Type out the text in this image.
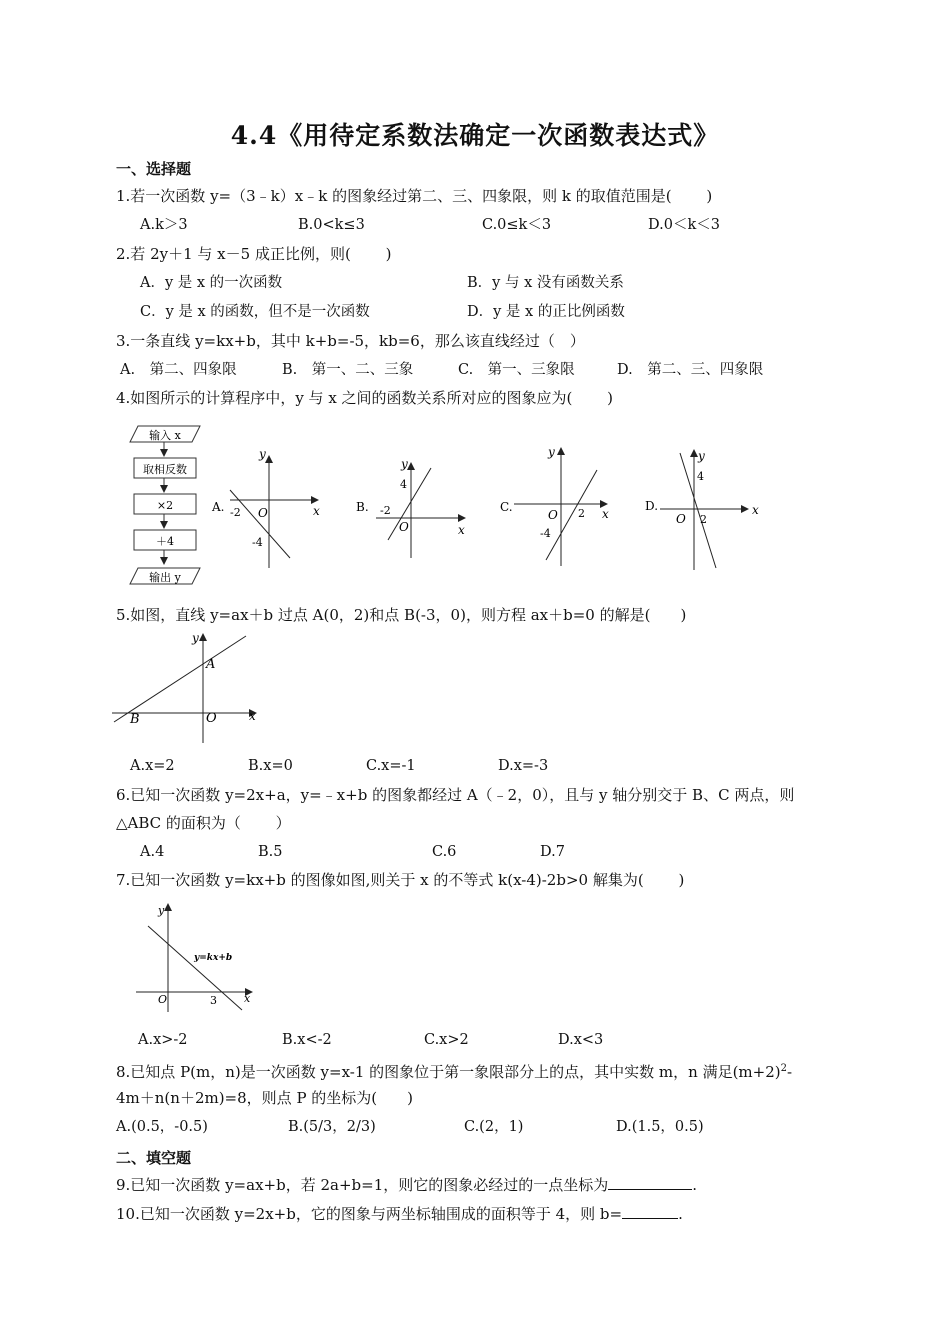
4.4《用待定系数法确定一次函数表达式》
一、选择题
1.若一次函数 y=（3﹣k）x﹣k 的图象经过第二、三、四象限，则 k 的取值范围是(　　 )
A.k＞3	B.0<k≤3	C.0≤k＜3	D.0＜k＜3
2.若 2y＋1 与 x－5 成正比例，则(　　 )
A．y 是 x 的一次函数	B．y 与 x 没有函数关系
C．y 是 x 的函数，但不是一次函数	D．y 是 x 的正比例函数
3.一条直线 y=kx+b，其中 k+b=-5，kb=6，那么该直线经过（　）
A.　第二、四象限	B.　第一、二、三象	C.　第一、三象限	D.　第二、三、四象限
4.如图所示的计算程序中，y 与 x 之间的函数关系所对应的图象应为(　　 )
输入 x
取相反数
×2
＋4
输出 y
A. -2 O
-4
y
x	B.
4
-2
O
y
x
C.
O 2
-4
y
x
D.
4
O 2
y
x
5.如图，直线 y=ax＋b 过点 A(0，2)和点 B(-3，0)，则方程 ax＋b=0 的解是(　　)
y
x
A
B	O
A.x=2	B.x=0	C.x=-1	D.x=-3
6.已知一次函数 y=2x+a，y=﹣x+b 的图象都经过 A（﹣2，0），且与 y 轴分别交于 B、C 两点，则
△ABC 的面积为（　　 ）
A.4	B.5	C.6	D.7
7.已知一次函数 y=kx+b 的图像如图,则关于 x 的不等式 k(x-4)-2b>0 解集为(　　 )
y
x
O	3
y=kx+b
A.x>-2	B.x<-2	C.x>2	D.x<3
8.已知点 P(m，n)是一次函数 y=x-1 的图象位于第一象限部分上的点，其中实数 m，n 满足$(m+2)^2-$
4m＋n(n＋2m)=8，则点 P 的坐标为(　　)
A.(0.5，-0.5)	B.(5/3，2/3)	C.(2，1)	D.(1.5，0.5)
二、填空题
9.已知一次函数 y=ax+b，若 2a+b=1，则它的图象必经过的一点坐标为	.
10.已知一次函数 y=2x+b，它的图象与两坐标轴围成的面积等于 4，则 b=	.
